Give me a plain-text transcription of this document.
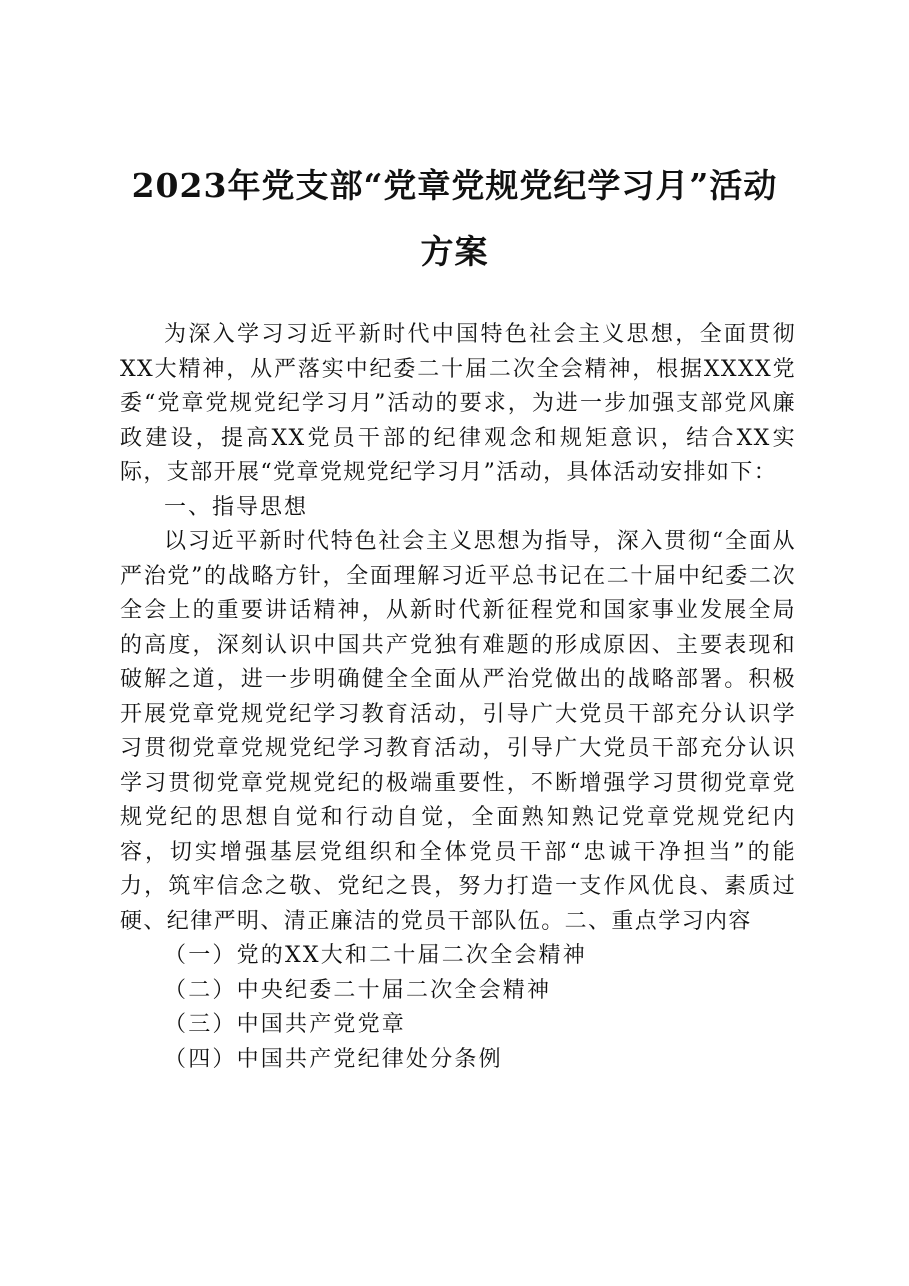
2023年党支部“党章党规党纪学习月”活动
方案

为深入学习习近平新时代中国特色社会主义思想，全面贯彻XX大精神，从严落实中纪委二十届二次全会精神，根据XXXX党委“党章党规党纪学习月”活动的要求，为进一步加强支部党风廉政建设，提高XX党员干部的纪律观念和规矩意识，结合XX实际，支部开展“党章党规党纪学习月”活动，具体活动安排如下：

一、指导思想

以习近平新时代特色社会主义思想为指导，深入贯彻“全面从严治党”的战略方针，全面理解习近平总书记在二十届中纪委二次全会上的重要讲话精神，从新时代新征程党和国家事业发展全局的高度，深刻认识中国共产党独有难题的形成原因、主要表现和破解之道，进一步明确健全全面从严治党做出的战略部署。积极开展党章党规党纪学习教育活动，引导广大党员干部充分认识学习贯彻党章党规党纪学习教育活动，引导广大党员干部充分认识学习贯彻党章党规党纪的极端重要性，不断增强学习贯彻党章党规党纪的思想自觉和行动自觉，全面熟知熟记党章党规党纪内容，切实增强基层党组织和全体党员干部“忠诚干净担当”的能力，筑牢信念之敬、党纪之畏，努力打造一支作风优良、素质过硬、纪律严明、清正廉洁的党员干部队伍。二、重点学习内容

（一）党的XX大和二十届二次全会精神

（二）中央纪委二十届二次全会精神

（三）中国共产党党章

（四）中国共产党纪律处分条例
